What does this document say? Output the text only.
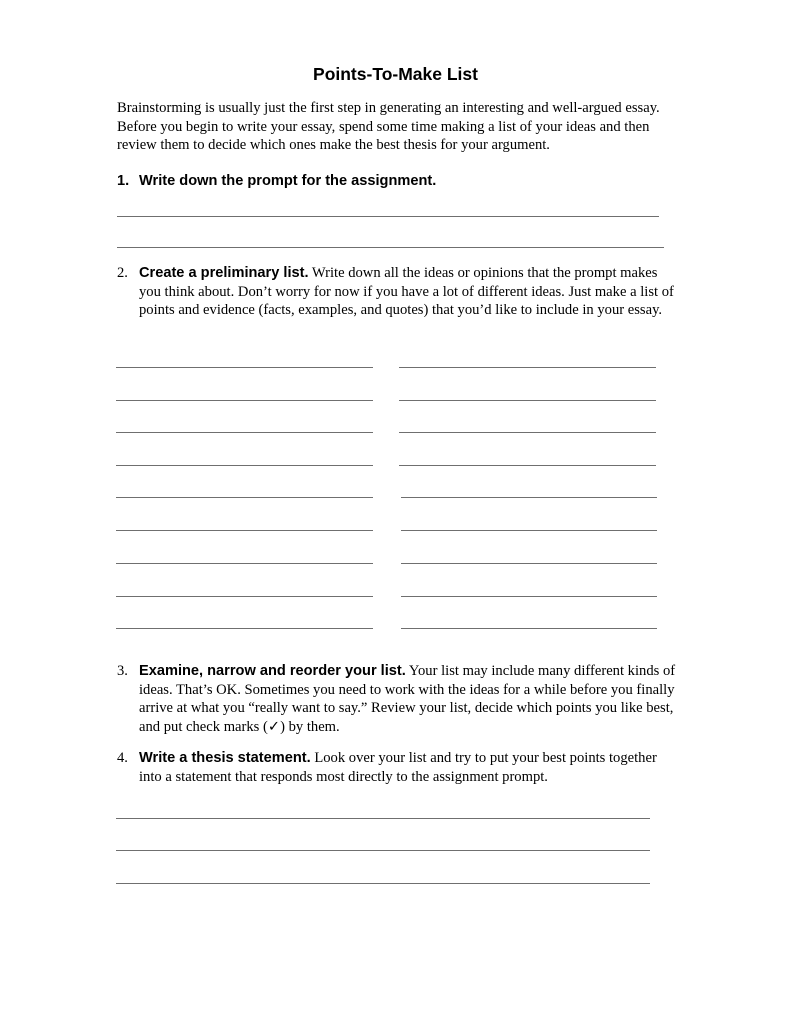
Points-To-Make List

Brainstorming is usually just the first step in generating an interesting and well-argued essay. Before you begin to write your essay, spend some time making a list of your ideas and then review them to decide which ones make the best thesis for your argument.

1. Write down the prompt for the assignment.
2. Create a preliminary list. Write down all the ideas or opinions that the prompt makes you think about. Don’t worry for now if you have a lot of different ideas. Just make a list of points and evidence (facts, examples, and quotes) that you’d like to include in your essay.
3. Examine, narrow and reorder your list. Your list may include many different kinds of ideas. That’s OK. Sometimes you need to work with the ideas for a while before you finally arrive at what you “really want to say.” Review your list, decide which points you like best, and put check marks (✓) by them.
4. Write a thesis statement. Look over your list and try to put your best points together into a statement that responds most directly to the assignment prompt.
